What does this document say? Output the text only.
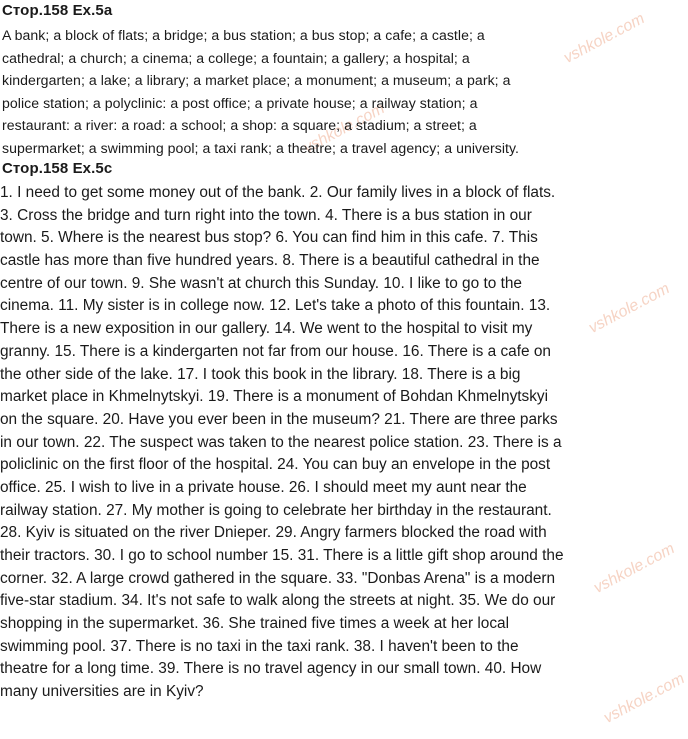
vshkole.com
vshkole.com
vshkole.com
vshkole.com
vshkole.com
Стор.158 Ex.5a
A bank; a block of flats; a bridge; a bus station; a bus stop; a cafe; a castle; a
cathedral; a church; a cinema; a college; a fountain; a gallery; a hospital; a
kindergarten; a lake; a library; a market place; a monument; a museum; a park; a
police station; a polyclinic: a post office; a private house; a railway station; a
restaurant: a river: a road: a school; a shop: a square; a stadium; a street; a
supermarket; a swimming pool; a taxi rank; a theatre; a travel agency; a university.
Стор.158 Ex.5c
1. I need to get some money out of the bank. 2. Our family lives in a block of flats.
3. Cross the bridge and turn right into the town. 4. There is a bus station in our
town. 5. Where is the nearest bus stop? 6. You can find him in this cafe. 7. This
castle has more than five hundred years. 8. There is a beautiful cathedral in the
centre of our town. 9. She wasn't at church this Sunday. 10. I like to go to the
cinema. 11. My sister is in college now. 12. Let's take a photo of this fountain. 13.
There is a new exposition in our gallery. 14. We went to the hospital to visit my
granny. 15. There is a kindergarten not far from our house. 16. There is a cafe on
the other side of the lake. 17. I took this book in the library. 18. There is a big
market place in Khmelnytskyi. 19. There is a monument of Bohdan Khmelnytskyi
on the square. 20. Have you ever been in the museum? 21. There are three parks
in our town. 22. The suspect was taken to the nearest police station. 23. There is a
policlinic on the first floor of the hospital. 24. You can buy an envelope in the post
office. 25. I wish to live in a private house. 26. I should meet my aunt near the
railway station. 27. My mother is going to celebrate her birthday in the restaurant.
28. Kyiv is situated on the river Dnieper. 29. Angry farmers blocked the road with
their tractors. 30. I go to school number 15. 31. There is a little gift shop around the
corner. 32. A large crowd gathered in the square. 33. "Donbas Arena" is a modern
five-star stadium. 34. It's not safe to walk along the streets at night. 35. We do our
shopping in the supermarket. 36. She trained five times a week at her local
swimming pool. 37. There is no taxi in the taxi rank. 38. I haven't been to the
theatre for a long time. 39. There is no travel agency in our small town. 40. How
many universities are in Kyiv?
